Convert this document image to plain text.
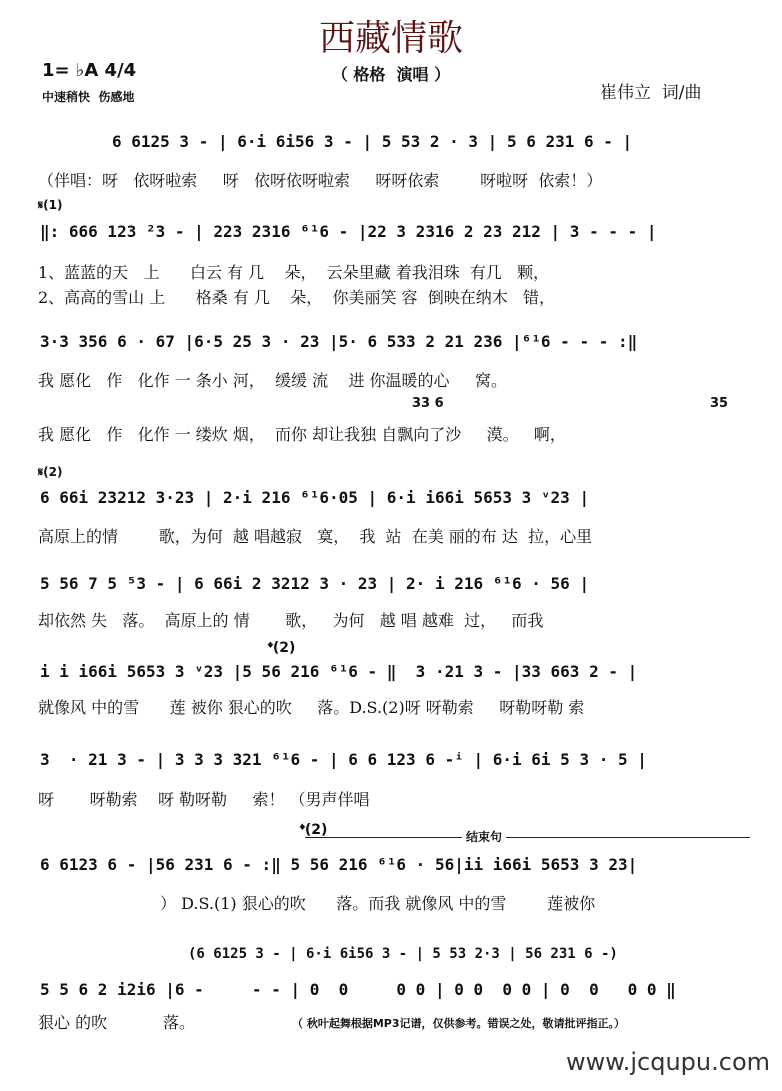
西藏情歌
（ 格格  演唱 ）
1= ♭A 4/4
中速稍快  伤感地	崔伟立  词/曲
6 6125 3 - | 6·i 6i56 3 - | 5 53 2 · 3 | 5 6 231 6 - |
（伴唱：呀   依呀啦索     呀   依呀依呀啦索     呀呀依索        呀啦呀  依索！）
𝄋(1)
‖: 666 123 ²3 - | 223 2316 ⁶¹6 - |22 3 2316 2 23 212 | 3 - - - |
1、蓝蓝的天   上      白云 有 几    朵，  云朵里藏 着我泪珠  有几   颗，
2、高高的雪山 上      格桑 有 几    朵，  你美丽笑 容  倒映在纳木   错，
3·3 356 6 · 67 |6·5 25 3 · 23 |5· 6 533 2 21 236 |⁶¹6 - - - :‖
我 愿化   作   化作 一 条小 河，  缓缓 流    进 你温暖的心     窝。
33 6	35
我 愿化   作   化作 一 缕炊 烟，  而你 却让我独 自飘向了沙     漠。   啊，
𝄋(2)
6 66i 23212 3·23 | 2·i 216 ⁶¹6·05 | 6·i i66i 5653 3 ᵛ23 |
高原上的情        歌，为何  越 唱越寂   寞，  我  站  在美 丽的布 达  拉，心里
5 56 7 5 ⁵3 - | 6 66i 2 3212 3 · 23 | 2· i 216 ⁶¹6 · 56 |
却依然 失   落。  高原上的 情       歌，   为何   越 唱 越难  过，   而我
𝄌(2)
i i i66i 5653 3 ᵛ23 |5 56 216 ⁶¹6 - ‖  3 ·21 3 - |33 663 2 - |
就像风 中的雪      莲 被你 狠心的吹     落。D.S.(2)呀 呀勒索     呀勒呀勒 索
3  · 21 3 - | 3 3 3 321 ⁶¹6 - | 6 6 123 6 -ⁱ | 6·i 6i 5 3 · 5 |
呀       呀勒索    呀 勒呀勒     索！ （男声伴唱
𝄌(2)	结束句
6 6123 6 - |56 231 6 - :‖ 5 56 216 ⁶¹6 · 56|ii i66i 5653 3 23|
） D.S.(1) 狠心的吹      落。而我 就像风 中的雪        莲被你
(6 6125 3 - | 6·i 6i56 3 - | 5 53 2·3 | 56 231 6 -)
5 5 6 2 i2i6 |6 -     - - | 0  0     0 0 | 0 0  0 0 | 0  0   0 0 ‖
狠心 的吹           落。	（ 秋叶起舞根据MP3记谱，仅供参考。错误之处，敬请批评指正。）
www.jcqupu.com
